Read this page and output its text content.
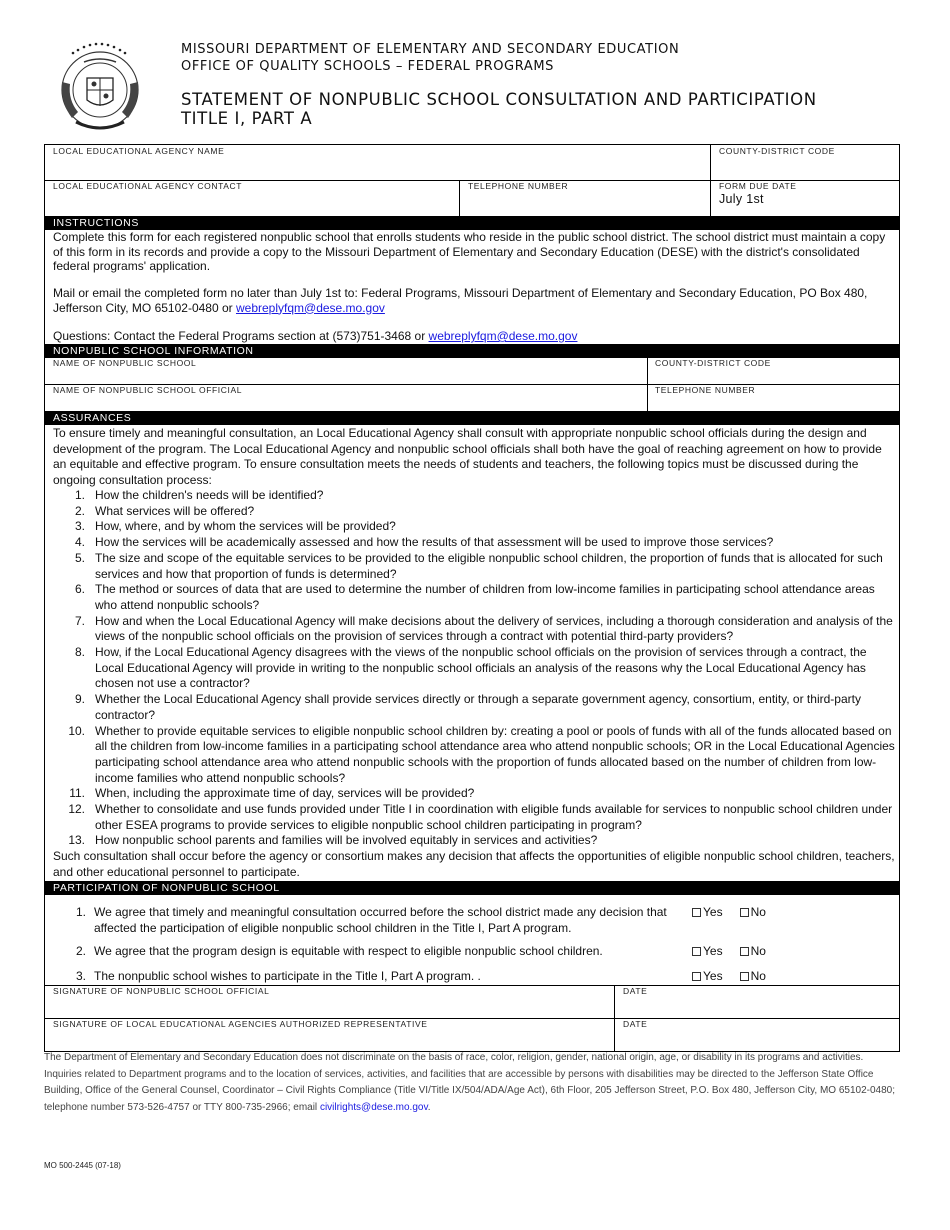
MISSOURI DEPARTMENT OF ELEMENTARY AND SECONDARY EDUCATION
OFFICE OF QUALITY SCHOOLS – FEDERAL PROGRAMS
STATEMENT OF NONPUBLIC SCHOOL CONSULTATION AND PARTICIPATION
TITLE I, PART A
LOCAL EDUCATIONAL AGENCY NAME	COUNTY-DISTRICT CODE
LOCAL EDUCATIONAL AGENCY CONTACT	TELEPHONE NUMBER	FORM DUE DATE
July 1st
INSTRUCTIONS
Complete this form for each registered nonpublic school that enrolls students who reside in the public school district. The school district must maintain a copy of this form in its records and provide a copy to the Missouri Department of Elementary and Secondary Education (DESE) with the district's consolidated federal programs' application.
Mail or email the completed form no later than July 1st to: Federal Programs, Missouri Department of Elementary and Secondary Education, PO Box 480, Jefferson City, MO 65102-0480 or webreplyfqm@dese.mo.gov
Questions: Contact the Federal Programs section at (573)751-3468 or webreplyfqm@dese.mo.gov
NONPUBLIC SCHOOL INFORMATION
NAME OF NONPUBLIC SCHOOL	COUNTY-DISTRICT CODE
NAME OF NONPUBLIC SCHOOL OFFICIAL	TELEPHONE NUMBER
ASSURANCES
To ensure timely and meaningful consultation, an Local Educational Agency shall consult with appropriate nonpublic school officials during the design and development of the program. The Local Educational Agency and nonpublic school officials shall both have the goal of reaching agreement on how to provide an equitable and effective program. To ensure consultation meets the needs of students and teachers, the following topics must be discussed during the ongoing consultation process:
1. How the children's needs will be identified?
2. What services will be offered?
3. How, where, and by whom the services will be provided?
4. How the services will be academically assessed and how the results of that assessment will be used to improve those services?
5. The size and scope of the equitable services to be provided to the eligible nonpublic school children, the proportion of funds that is allocated for such services and how that proportion of funds is determined?
6. The method or sources of data that are used to determine the number of children from low-income families in participating school attendance areas who attend nonpublic schools?
7. How and when the Local Educational Agency will make decisions about the delivery of services, including a thorough consideration and analysis of the views of the nonpublic school officials on the provision of services through a contract with potential third-party providers?
8. How, if the Local Educational Agency disagrees with the views of the nonpublic school officials on the provision of services through a contract, the Local Educational Agency will provide in writing to the nonpublic school officials an analysis of the reasons why the Local Educational Agency has chosen not use a contractor?
9. Whether the Local Educational Agency shall provide services directly or through a separate government agency, consortium, entity, or third-party contractor?
10. Whether to provide equitable services to eligible nonpublic school children by: creating a pool or pools of funds with all of the funds allocated based on all the children from low-income families in a participating school attendance area who attend nonpublic schools; OR in the Local Educational Agencies participating school attendance area who attend nonpublic schools with the proportion of funds allocated based on the number of children from low-income families who attend nonpublic schools?
11. When, including the approximate time of day, services will be provided?
12. Whether to consolidate and use funds provided under Title I in coordination with eligible funds available for services to nonpublic school children under other ESEA programs to provide services to eligible nonpublic school children participating in program?
13. How nonpublic school parents and families will be involved equitably in services and activities?
Such consultation shall occur before the agency or consortium makes any decision that affects the opportunities of eligible nonpublic school children, teachers, and other educational personnel to participate.
PARTICIPATION OF NONPUBLIC SCHOOL
1. We agree that timely and meaningful consultation occurred before the school district made any decision that affected the participation of eligible nonpublic school children in the Title I, Part A program.
Yes No
2. We agree that the program design is equitable with respect to eligible nonpublic school children.	Yes No
3. The nonpublic school wishes to participate in the Title I, Part A program. .	Yes No
SIGNATURE OF NONPUBLIC SCHOOL OFFICIAL	DATE
SIGNATURE OF LOCAL EDUCATIONAL AGENCIES AUTHORIZED REPRESENTATIVE	DATE
The Department of Elementary and Secondary Education does not discriminate on the basis of race, color, religion, gender, national origin, age, or disability in its programs and activities. Inquiries related to Department programs and to the location of services, activities, and facilities that are accessible by persons with disabilities may be directed to the Jefferson State Office Building, Office of the General Counsel, Coordinator – Civil Rights Compliance (Title VI/Title IX/504/ADA/Age Act), 6th Floor, 205 Jefferson Street, P.O. Box 480, Jefferson City, MO 65102-0480; telephone number 573-526-4757 or TTY 800-735-2966; email civilrights@dese.mo.gov.
MO 500-2445 (07-18)
